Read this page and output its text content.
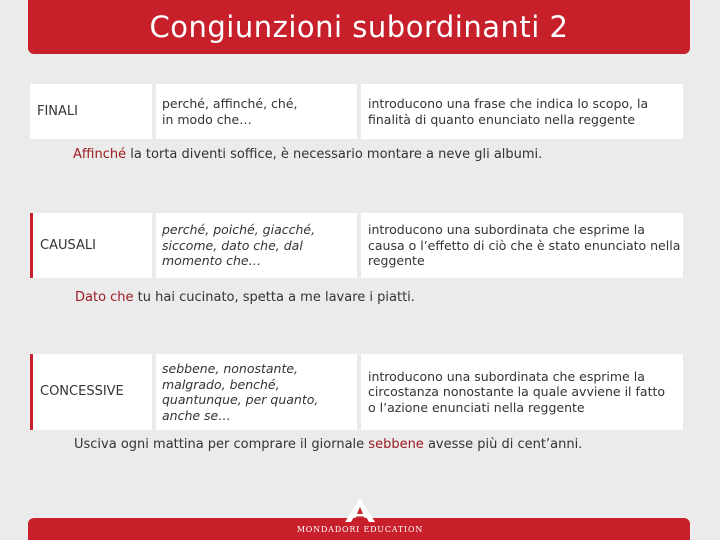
Congiunzioni subordinanti 2
FINALI
perché, affinché, ché, in modo che…
introducono una frase che indica lo scopo, la finalità di quanto enunciato nella reggente
Affinché la torta diventi soffice, è necessario montare a neve gli albumi.
CAUSALI
perché, poiché, giacché, siccome, dato che, dal momento che…
introducono una subordinata che esprime la causa o l’effetto di ciò che è stato enunciato nella reggente
Dato che tu hai cucinato, spetta a me lavare i piatti.
CONCESSIVE
sebbene, nonostante, malgrado, benché, quantunque, per quanto, anche se…
introducono una subordinata che esprime la circostanza nonostante la quale avviene il fatto o l’azione enunciati nella reggente
Usciva ogni mattina per comprare il giornale sebbene avesse più di cent’anni.
MONDADORI EDUCATION
